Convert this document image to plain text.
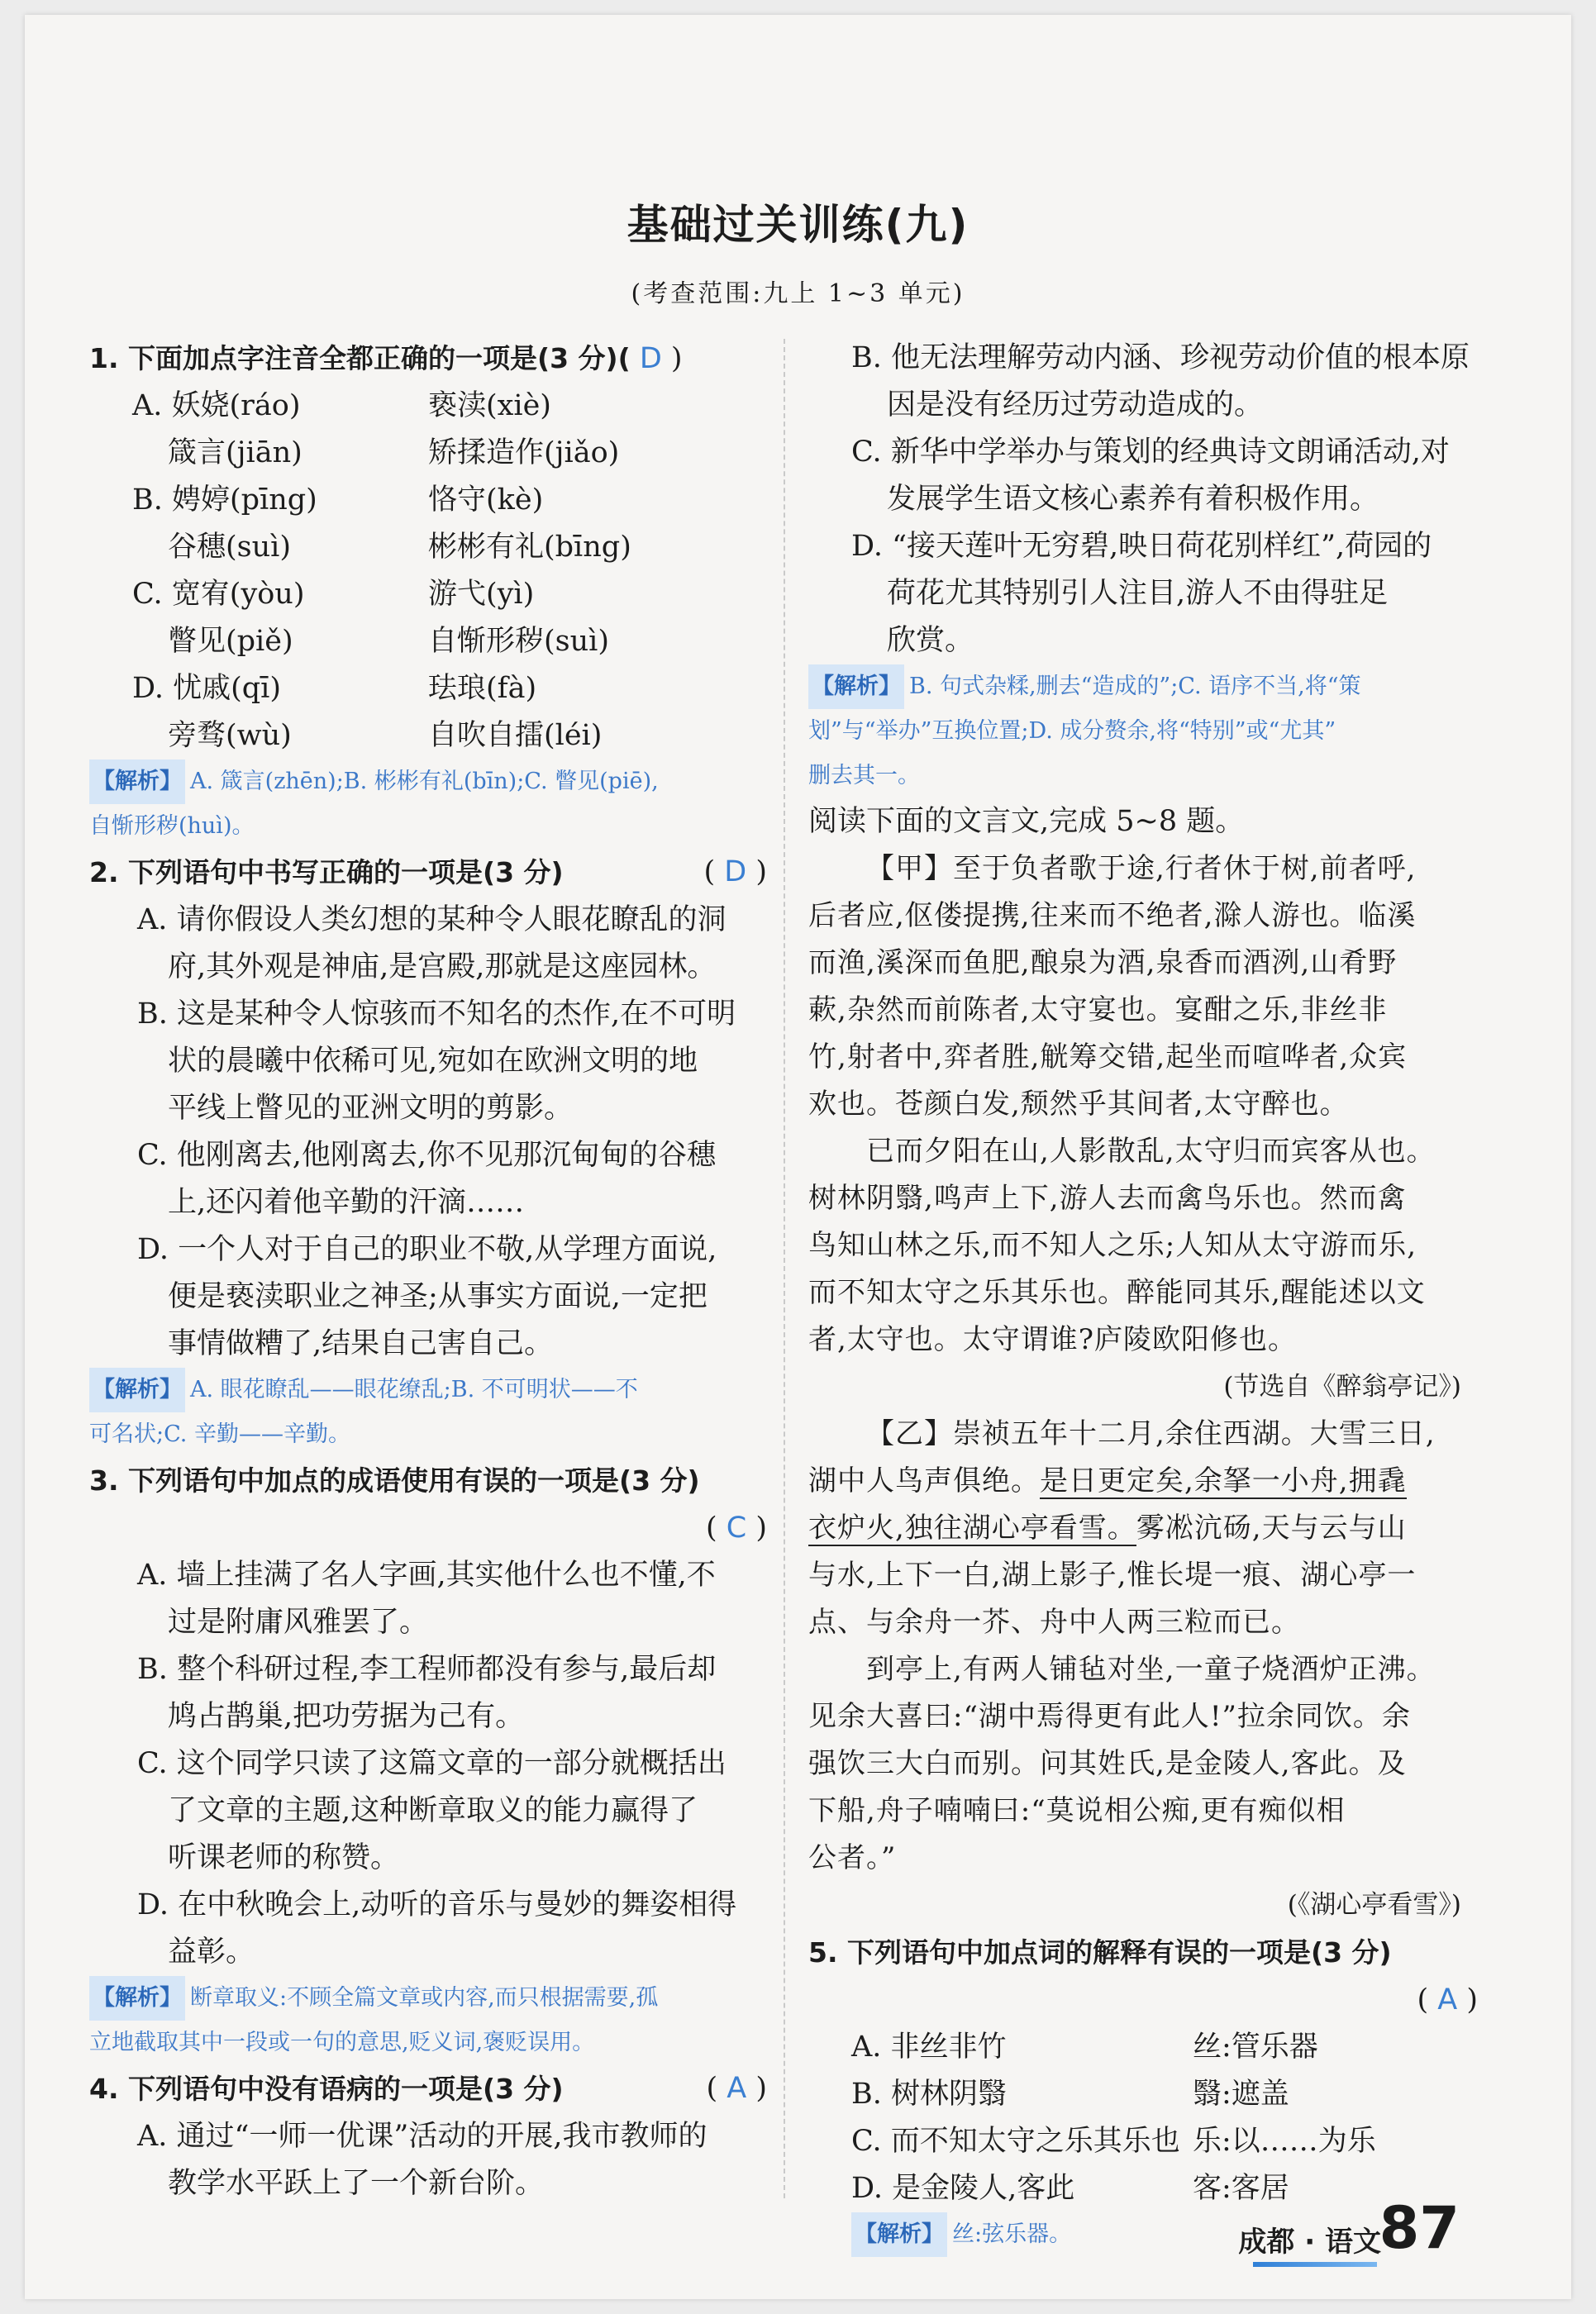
基础过关训练(九)
(考查范围:九上 1~3 单元)
1. 下面加点字注音全都正确的一项是(3 分)( D )
A. 妖娆(ráo)	亵渎(xiè)
箴言(jiān)	矫揉造作(jiǎo)
B. 娉婷(pīng)	恪守(kè)
谷穗(suì)	彬彬有礼(bīng)
C. 宽宥(yòu)	游弋(yì)
瞥见(piě)	自惭形秽(suì)
D. 忧戚(qī)	珐琅(fà)
旁骛(wù)	自吹自擂(léi)
【解析】 A. 箴言(zhēn);B. 彬彬有礼(bīn);C. 瞥见(piē),
自惭形秽(huì)。
2. 下列语句中书写正确的一项是(3 分)	( D )
A. 请你假设人类幻想的某种令人眼花瞭乱的洞
府,其外观是神庙,是宫殿,那就是这座园林。
B. 这是某种令人惊骇而不知名的杰作,在不可明
状的晨曦中依稀可见,宛如在欧洲文明的地
平线上瞥见的亚洲文明的剪影。
C. 他刚离去,他刚离去,你不见那沉甸甸的谷穗
上,还闪着他辛勤的汗滴……
D. 一个人对于自己的职业不敬,从学理方面说,
便是亵渎职业之神圣;从事实方面说,一定把
事情做糟了,结果自己害自己。
【解析】 A. 眼花瞭乱——眼花缭乱;B. 不可明状——不
可名状;C. 辛勤——辛勤。
3. 下列语句中加点的成语使用有误的一项是(3 分)
( C )

A. 墙上挂满了名人字画,其实他什么也不懂,不
过是附庸风雅罢了。
B. 整个科研过程,李工程师都没有参与,最后却
鸠占鹊巢,把功劳据为己有。
C. 这个同学只读了这篇文章的一部分就概括出
了文章的主题,这种断章取义的能力赢得了
听课老师的称赞。
D. 在中秋晚会上,动听的音乐与曼妙的舞姿相得
益彰。
【解析】 断章取义:不顾全篇文章或内容,而只根据需要,孤
立地截取其中一段或一句的意思,贬义词,褒贬误用。
4. 下列语句中没有语病的一项是(3 分)	( A )
A. 通过“一师一优课”活动的开展,我市教师的
教学水平跃上了一个新台阶。
B. 他无法理解劳动内涵、珍视劳动价值的根本原
因是没有经历过劳动造成的。
C. 新华中学举办与策划的经典诗文朗诵活动,对
发展学生语文核心素养有着积极作用。
D. “接天莲叶无穷碧,映日荷花别样红”,荷园的
荷花尤其特别引人注目,游人不由得驻足
欣赏。
【解析】 B. 句式杂糅,删去“造成的”;C. 语序不当,将“策
划”与“举办”互换位置;D. 成分赘余,将“特别”或“尤其”
删去其一。
阅读下面的文言文,完成 5~8 题。
【甲】至于负者歌于途,行者休于树,前者呼,
后者应,伛偻提携,往来而不绝者,滁人游也。临溪
而渔,溪深而鱼肥,酿泉为酒,泉香而酒洌,山肴野
蔌,杂然而前陈者,太守宴也。宴酣之乐,非丝非
竹,射者中,弈者胜,觥筹交错,起坐而喧哗者,众宾
欢也。苍颜白发,颓然乎其间者,太守醉也。
已而夕阳在山,人影散乱,太守归而宾客从也。
树林阴翳,鸣声上下,游人去而禽鸟乐也。然而禽
鸟知山林之乐,而不知人之乐;人知从太守游而乐,
而不知太守之乐其乐也。醉能同其乐,醒能述以文
者,太守也。太守谓谁?庐陵欧阳修也。
(节选自《醉翁亭记》)
【乙】崇祯五年十二月,余住西湖。大雪三日,
湖中人鸟声俱绝。是日更定矣,余拏一小舟,拥毳
衣炉火,独往湖心亭看雪。雾凇沆砀,天与云与山
与水,上下一白,湖上影子,惟长堤一痕、湖心亭一
点、与余舟一芥、舟中人两三粒而已。
到亭上,有两人铺毡对坐,一童子烧酒炉正沸。
见余大喜曰:“湖中焉得更有此人!”拉余同饮。余
强饮三大白而别。问其姓氏,是金陵人,客此。及
下船,舟子喃喃曰:“莫说相公痴,更有痴似相
公者。”
(《湖心亭看雪》)
5. 下列语句中加点词的解释有误的一项是(3 分)
( A )

A. 非丝非竹	丝:管乐器
B. 树林阴翳	翳:遮盖
C. 而不知太守之乐其乐也 乐:以……为乐
D. 是金陵人,客此	客:客居
【解析】 丝:弦乐器。	成都 · 语文
87
